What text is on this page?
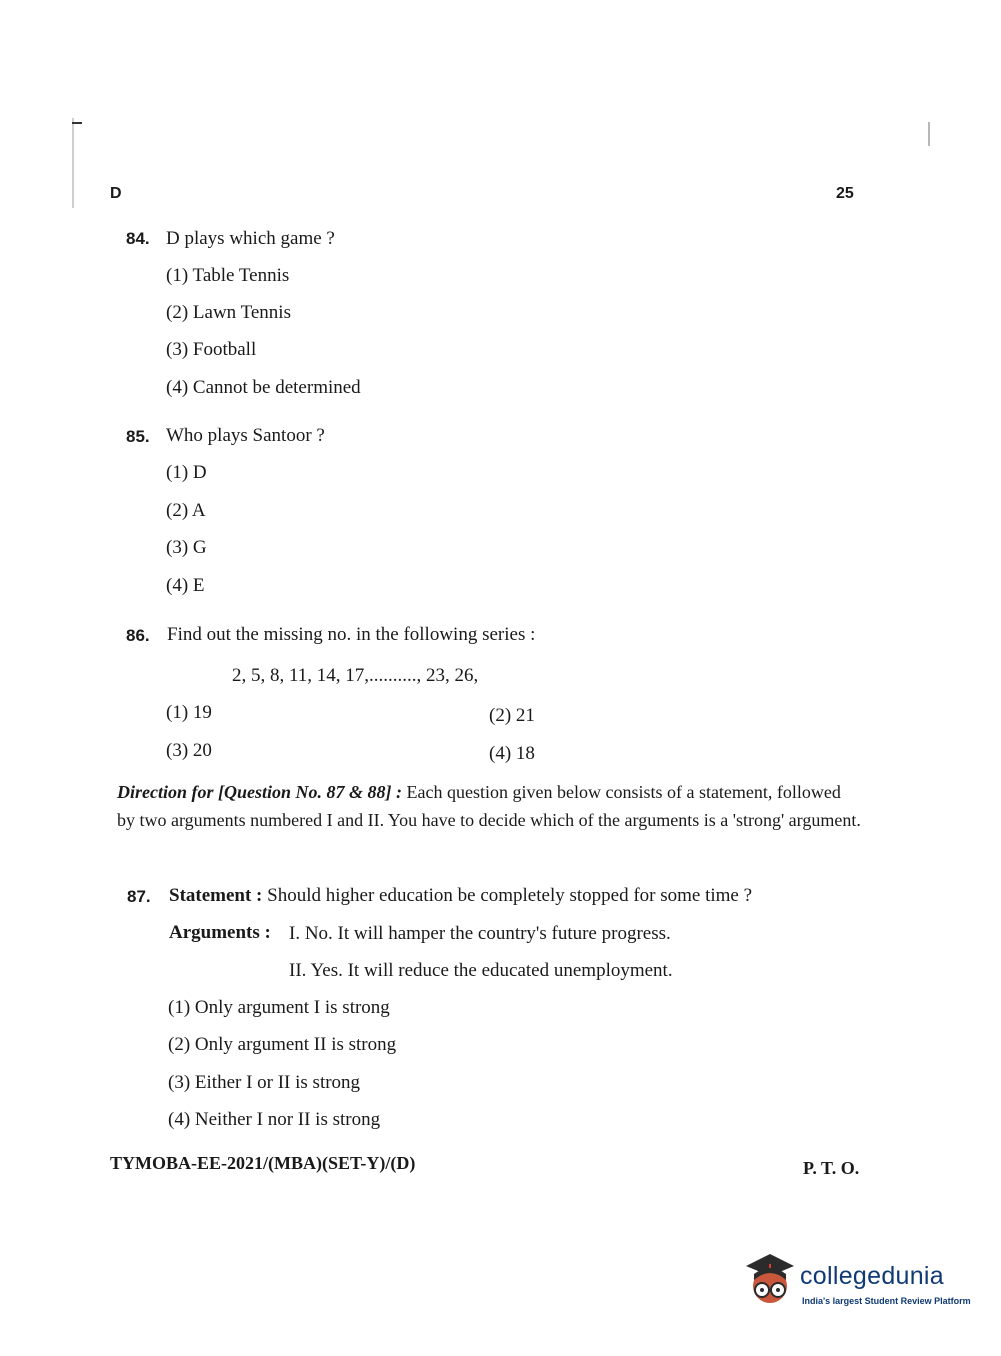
D	25
84. D plays which game ?
(1) Table Tennis
(2) Lawn Tennis
(3) Football
(4) Cannot be determined
85. Who plays Santoor ?
(1) D
(2) A
(3) G
(4) E
86. Find out the missing no. in the following series :
2, 5, 8, 11, 14, 17,.........., 23, 26,
(1) 19	(2) 21
(3) 20	(4) 18
Direction for [Question No. 87 & 88] : Each question given below consists of a statement, followed by two arguments numbered I and II. You have to decide which of the arguments is a 'strong' argument.
87. Statement : Should higher education be completely stopped for some time ?
Arguments : I. No. It will hamper the country's future progress.
II. Yes. It will reduce the educated unemployment.
(1) Only argument I is strong
(2) Only argument II is strong
(3) Either I or II is strong
(4) Neither I nor II is strong
TYMOBA-EE-2021/(MBA)(SET-Y)/(D)	P. T. O.
collegedunia
India's largest Student Review Platform
